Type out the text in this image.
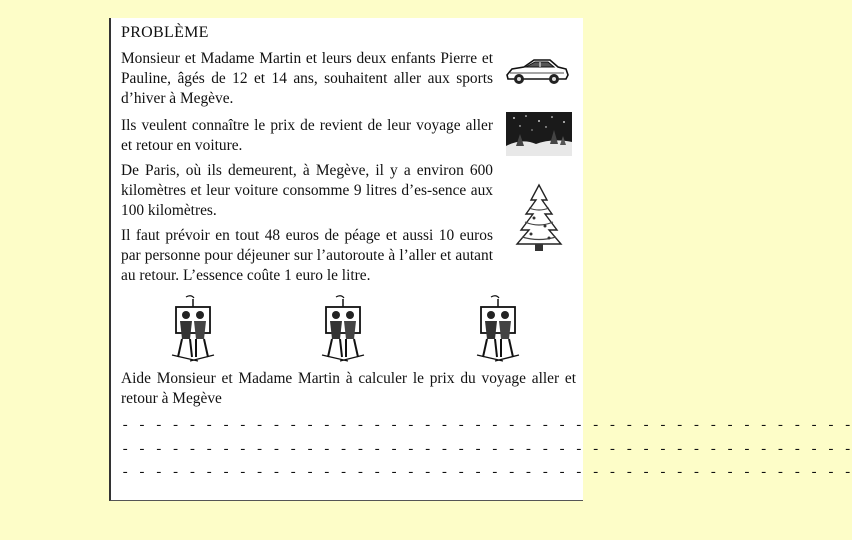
PROBLÈME

Monsieur et Madame Martin et leurs deux enfants Pierre et Pauline, âgés de 12 et 14 ans, souhaitent aller aux sports d’hiver à Megève.

Ils veulent connaître le prix de revient de leur voyage aller et retour en voiture.

De Paris, où ils demeurent, à Megève, il y a environ 600 kilomètres et leur voiture consomme 9 litres d’es-sence aux 100 kilomètres.

Il faut prévoir en tout 48 euros de péage et aussi 10 euros par personne pour déjeuner sur l’autoroute à l’aller et autant au retour. L’essence coûte 1 euro le litre.

Aide Monsieur et Madame Martin à calculer le prix du voyage aller et retour à Megève

- - - - - - - - - - - - - - - - - - - - - - - - - - - - - - - - - - - - - - - - - - - -
- - - - - - - - - - - - - - - - - - - - - - - - - - - - - - - - - - - - - - - - - - - -
- - - - - - - - - - - - - - - - - - - - - - - - - - - - - - - - - - - - - - - - - - - -
